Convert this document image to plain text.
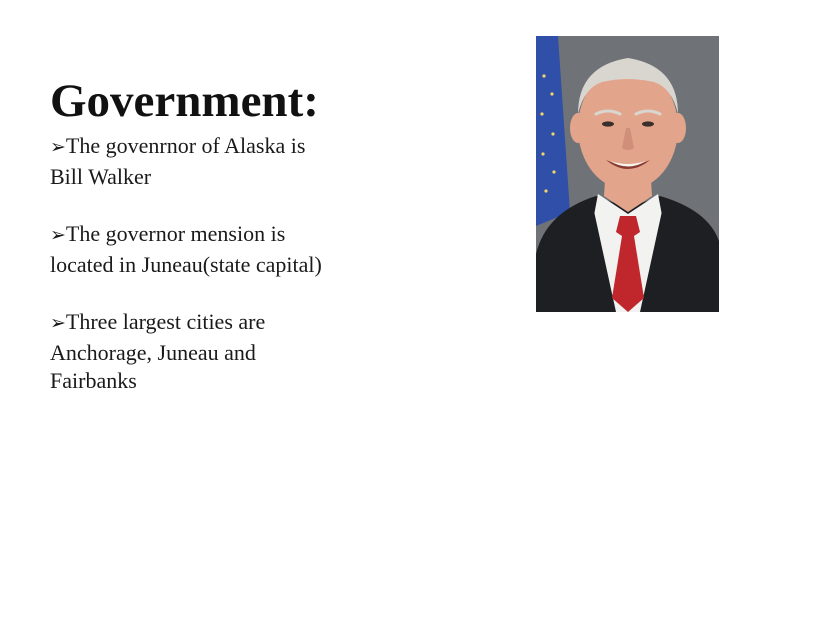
Government:
➢The govenrnor of Alaska is Bill Walker
➢The governor mension is located in Juneau(state capital)
➢Three largest cities are Anchorage, Juneau and Fairbanks
